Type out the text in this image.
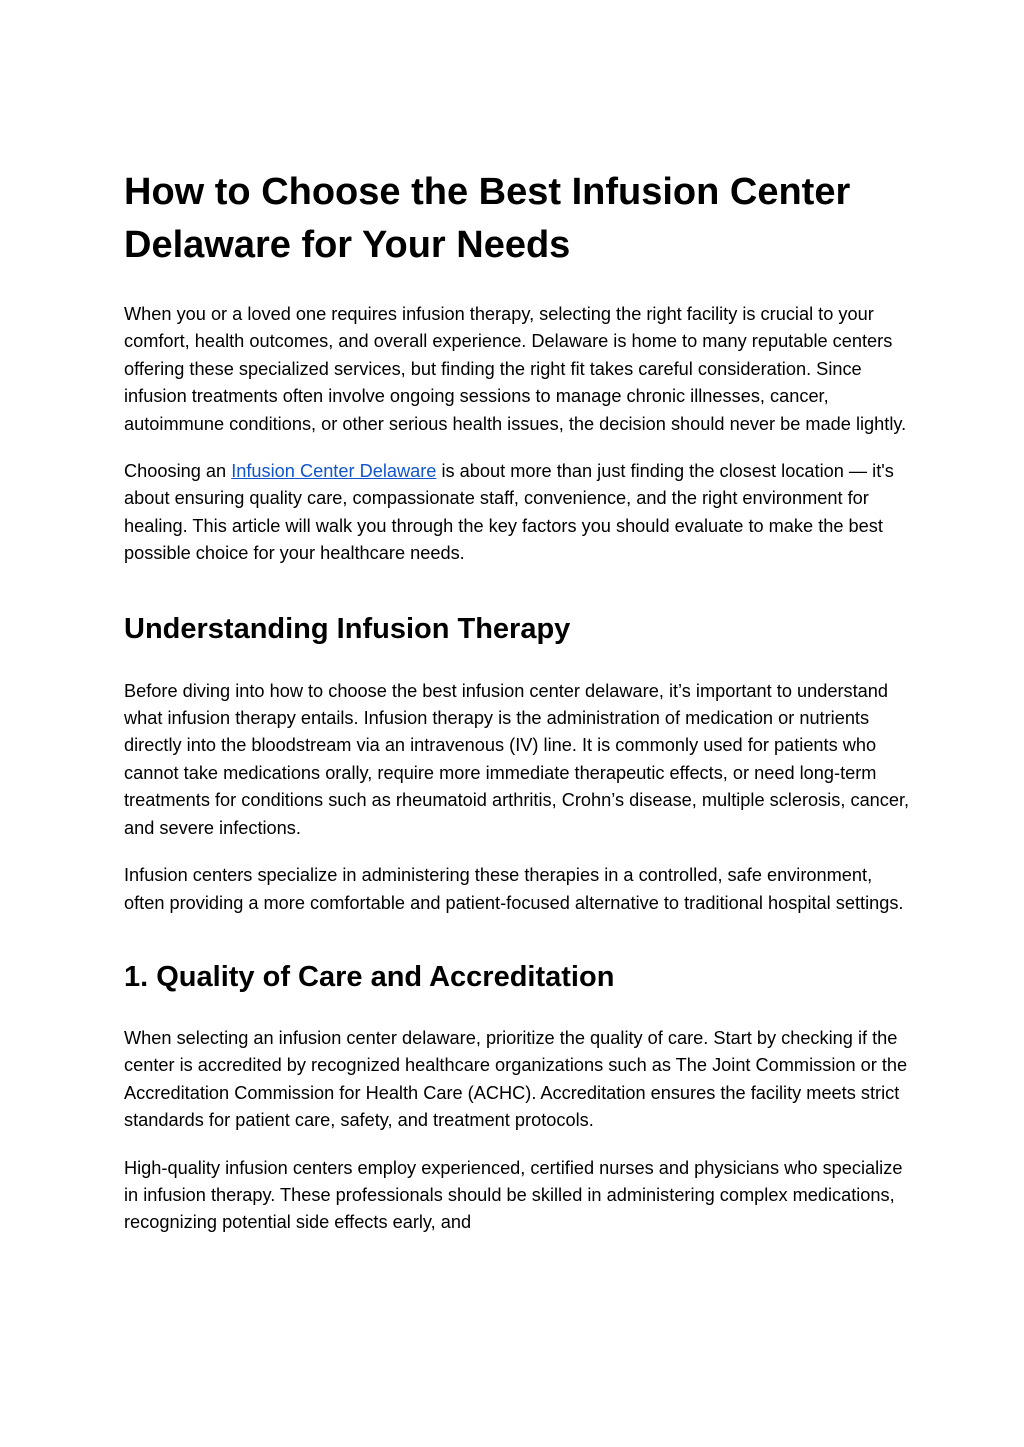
How to Choose the Best Infusion Center Delaware for Your Needs

When you or a loved one requires infusion therapy, selecting the right facility is crucial to your comfort, health outcomes, and overall experience. Delaware is home to many reputable centers offering these specialized services, but finding the right fit takes careful consideration. Since infusion treatments often involve ongoing sessions to manage chronic illnesses, cancer, autoimmune conditions, or other serious health issues, the decision should never be made lightly.

Choosing an Infusion Center Delaware is about more than just finding the closest location — it's about ensuring quality care, compassionate staff, convenience, and the right environment for healing. This article will walk you through the key factors you should evaluate to make the best possible choice for your healthcare needs.

Understanding Infusion Therapy

Before diving into how to choose the best infusion center delaware, it’s important to understand what infusion therapy entails. Infusion therapy is the administration of medication or nutrients directly into the bloodstream via an intravenous (IV) line. It is commonly used for patients who cannot take medications orally, require more immediate therapeutic effects, or need long-term treatments for conditions such as rheumatoid arthritis, Crohn’s disease, multiple sclerosis, cancer, and severe infections.

Infusion centers specialize in administering these therapies in a controlled, safe environment, often providing a more comfortable and patient-focused alternative to traditional hospital settings.

1. Quality of Care and Accreditation

When selecting an infusion center delaware, prioritize the quality of care. Start by checking if the center is accredited by recognized healthcare organizations such as The Joint Commission or the Accreditation Commission for Health Care (ACHC). Accreditation ensures the facility meets strict standards for patient care, safety, and treatment protocols.

High-quality infusion centers employ experienced, certified nurses and physicians who specialize in infusion therapy. These professionals should be skilled in administering complex medications, recognizing potential side effects early, and
